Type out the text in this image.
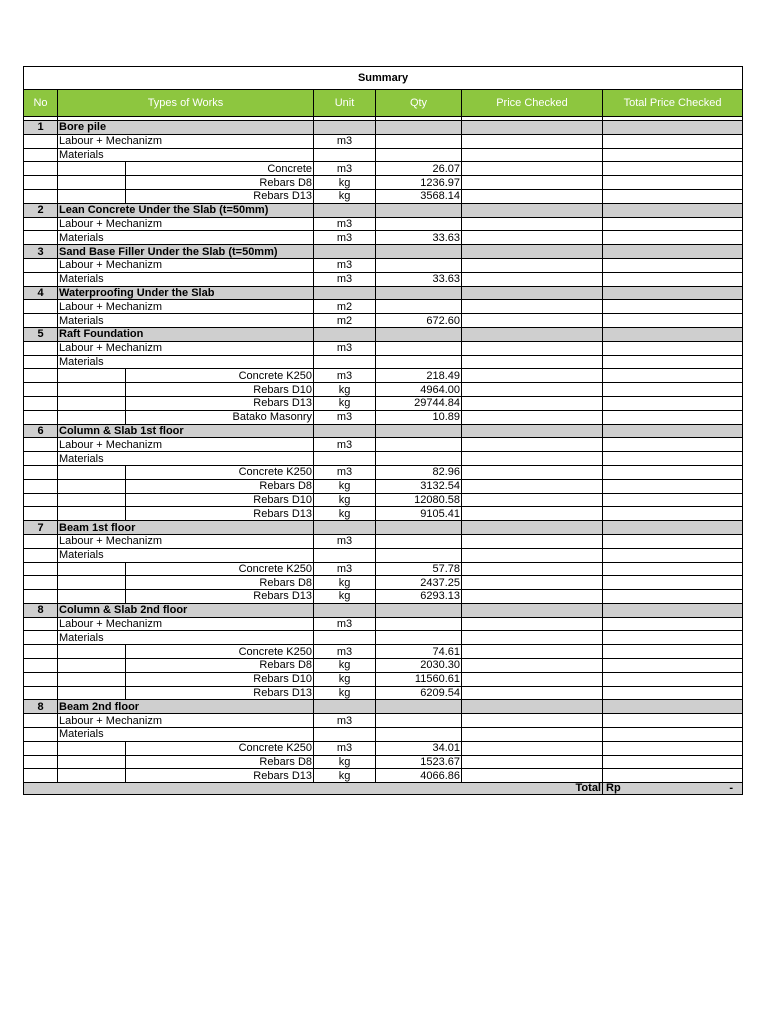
Summary						
No	Types of Works		Unit	Qty	Price Checked	Total Price Checked

1	Bore pile					
	Labour + Mechanizm		m3			
	Materials					
		Concrete	m3	26.07		
		Rebars D8	kg	1236.97		
		Rebars D13	kg	3568.14		
2	Lean Concrete Under the Slab (t=50mm)					
	Labour + Mechanizm		m3			
	Materials		m3	33.63		
3	Sand Base Filler Under the Slab (t=50mm)					
	Labour + Mechanizm		m3			
	Materials		m3	33.63		
4	Waterproofing Under the Slab					
	Labour + Mechanizm		m2			
	Materials		m2	672.60		
5	Raft Foundation					
	Labour + Mechanizm		m3			
	Materials					
		Concrete K250	m3	218.49		
		Rebars D10	kg	4964.00		
		Rebars D13	kg	29744.84		
		Batako Masonry	m3	10.89		
6	Column & Slab 1st floor					
	Labour + Mechanizm		m3			
	Materials					
		Concrete K250	m3	82.96		
		Rebars D8	kg	3132.54		
		Rebars D10	kg	12080.58		
		Rebars D13	kg	9105.41		
7	Beam 1st floor					
	Labour + Mechanizm		m3			
	Materials					
		Concrete K250	m3	57.78		
		Rebars D8	kg	2437.25		
		Rebars D13	kg	6293.13		
8	Column & Slab 2nd floor					
	Labour + Mechanizm		m3			
	Materials					
		Concrete K250	m3	74.61		
		Rebars D8	kg	2030.30		
		Rebars D10	kg	11560.61		
		Rebars D13	kg	6209.54		
8	Beam 2nd floor					
	Labour + Mechanizm		m3			
	Materials					
		Concrete K250	m3	34.01		
		Rebars D8	kg	1523.67		
		Rebars D13	kg	4066.86		
Total						Rp -
